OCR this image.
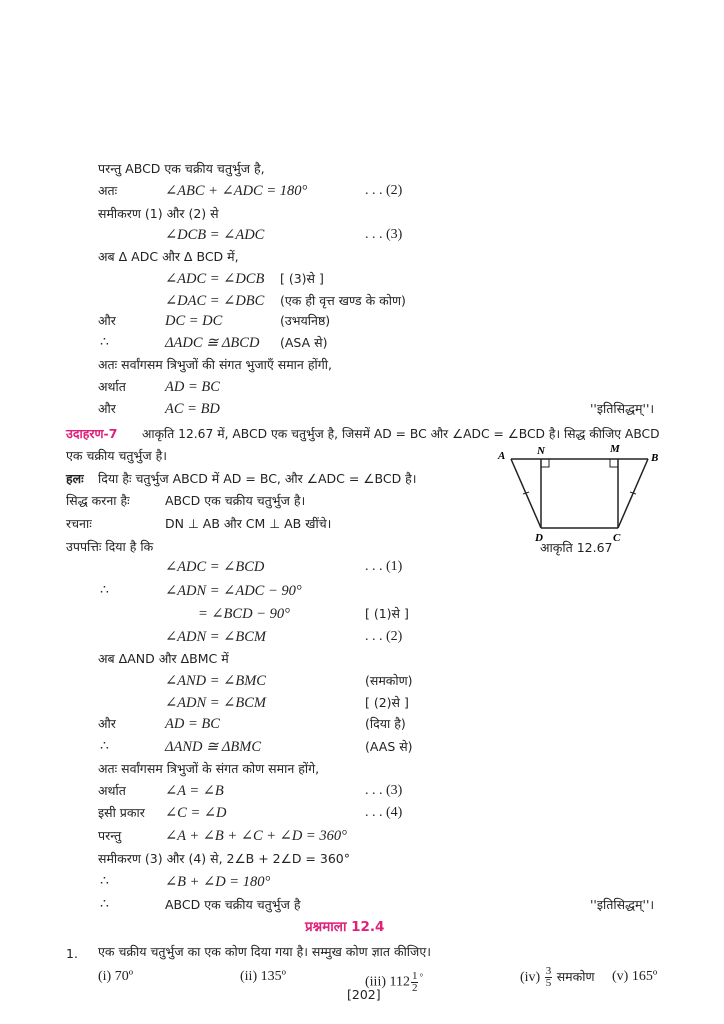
परन्तु ABCD एक चक्रीय चतुर्भुज है,
अतः	∠ABC + ∠ADC = 180°	. . . (2)
समीकरण (1) और (2) से
∠DCB = ∠ADC	. . . (3)
अब Δ ADC और Δ BCD में,
∠ADC = ∠DCB [ (3)से ]
∠DAC = ∠DBC (एक ही वृत्त खण्ड के कोण)
और	DC = DC	(उभयनिष्ठ)
∴	ΔADC ≅ ΔBCD (ASA से)
अतः सर्वांगसम त्रिभुजों की संगत भुजाएँ समान होंगी,
अर्थात	AD = BC
और	AC = BD	''इतिसिद्धम्''।
उदाहरण-7 आकृति 12.67 में, ABCD एक चतुर्भुज है, जिसमें AD = BC और ∠ADC = ∠BCD है। सिद्ध कीजिए ABCD
एक चक्रीय चतुर्भुज है।
हलः दिया हैः चतुर्भुज ABCD में AD = BC, और ∠ADC = ∠BCD है।
सिद्ध करना हैः	ABCD एक चक्रीय चतुर्भुज है।
रचनाः	DN ⊥ AB और CM ⊥ AB खींचे।
उपपत्तिः दिया है कि
∠ADC = ∠BCD	. . . (1)
∴	∠ADN = ∠ADC − 90°
= ∠BCD − 90°	[ (1)से ]
∠ADN = ∠BCM	. . . (2)
अब ΔAND और ΔBMC में
∠AND = ∠BMC	(समकोण)
∠ADN = ∠BCM	[ (2)से ]
और	AD = BC	(दिया है)
∴	ΔAND ≅ ΔBMC	(AAS से)
अतः सर्वांगसम त्रिभुजों के संगत कोण समान होंगे,
अर्थात	∠A = ∠B	. . . (3)
इसी प्रकार ∠C = ∠D	. . . (4)
परन्तु	∠A + ∠B + ∠C + ∠D = 360°
समीकरण (3) और (4) से, 2∠B + 2∠D = 360°
∴	∠B + ∠D = 180°
∴	ABCD एक चक्रीय चतुर्भुज है	''इतिसिद्धम्''।
प्रश्नमाला 12.4
1. एक चक्रीय चतुर्भुज का एक कोण दिया गया है। सम्मुख कोण ज्ञात कीजिए।
(i) 70º	(ii) 135º	(iii) $112 \frac{1}{2} ^\circ$	$(iv) \frac{3}{5}$ समकोण (v) 165º
A	N	M
B
D	C
आकृति 12.67
[202]
